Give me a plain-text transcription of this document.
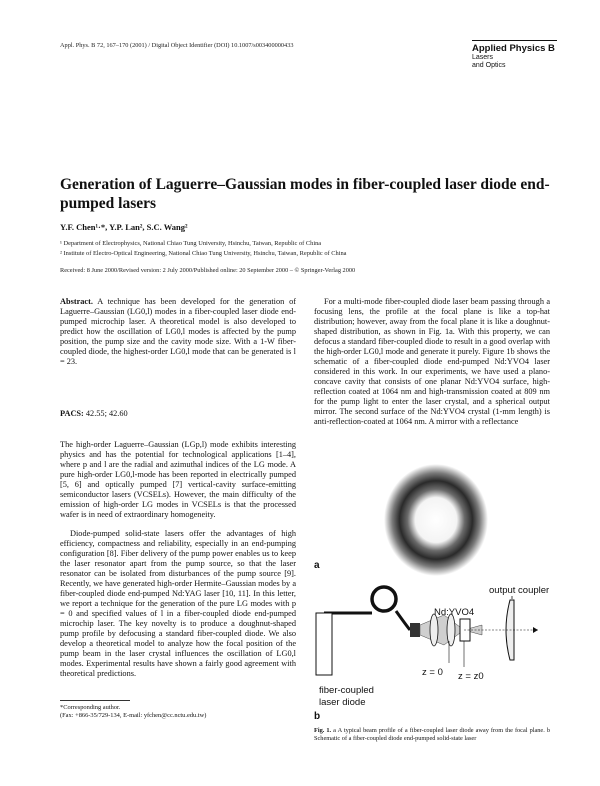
Appl. Phys. B 72, 167–170 (2001) / Digital Object Identifier (DOI) 10.1007/s003400000433	Applied Physics B
Lasers
and Optics
Generation of Laguerre–Gaussian modes in fiber-coupled laser diode end-pumped lasers
Y.F. Chen¹·*, Y.P. Lan², S.C. Wang²
¹ Department of Electrophysics, National Chiao Tung University, Hsinchu, Taiwan, Republic of China
² Institute of Electro-Optical Engineering, National Chiao Tung University, Hsinchu, Taiwan, Republic of China
Received: 8 June 2000/Revised version: 2 July 2000/Published online: 20 September 2000 – © Springer-Verlag 2000
Abstract. A technique has been developed for the generation of Laguerre–Gaussian (LG0,l) modes in a fiber-coupled laser diode end-pumped microchip laser. A theoretical model is also developed to predict how the oscillation of LG0,l modes is affected by the pump position, the pump size and the cavity mode size. With a 1-W fiber-coupled diode, the highest-order LG0,l mode that can be generated is l = 23.
PACS: 42.55; 42.60
The high-order Laguerre–Gaussian (LGp,l) mode exhibits interesting physics and has the potential for technological applications [1–4], where p and l are the radial and azimuthal indices of the LG mode. A pure high-order LG0,l-mode has been reported in electrically pumped [5, 6] and optically pumped [7] vertical-cavity surface-emitting semiconductor lasers (VCSELs). However, the main difficulty of the emission of high-order LG modes in VCSELs is that the processed wafer is in need of extraordinary homogeneity.
Diode-pumped solid-state lasers offer the advantages of high efficiency, compactness and reliability, especially in an end-pumping configuration [8]. Fiber delivery of the pump power enables us to keep the laser resonator apart from the pump source, so that the laser resonator can be isolated from disturbances of the pump source [9]. Recently, we have generated high-order Hermite–Gaussian modes by a fiber-coupled diode end-pumped Nd:YAG laser [10, 11]. In this letter, we report a technique for the generation of the pure LG modes with p = 0 and specified values of l in a fiber-coupled diode end-pumped microchip laser. The key novelty is to produce a doughnut-shaped pump profile by defocusing a standard fiber-coupled diode. We also develop a theoretical model to analyze how the focal position of the pump beam in the laser crystal influences the oscillation of LG0,l modes. Experimental results have shown a fairly good agreement with theoretical predictions.
*Corresponding author.
(Fax: +866-35/729-134, E-mail: yfchen@cc.nctu.edu.tw)
For a multi-mode fiber-coupled diode laser beam passing through a focusing lens, the profile at the focal plane is like a top-hat distribution; however, away from the focal plane it is like a doughnut-shaped distribution, as shown in Fig. 1a. With this property, we can defocus a standard fiber-coupled diode to result in a good overlap with the high-order LG0,l mode and generate it purely. Figure 1b shows the schematic of a fiber-coupled diode end-pumped Nd:YVO4 laser considered in this work. In our experiments, we have used a plano-concave cavity that consists of one planar Nd:YVO4 surface, high-reflection coated at 1064 nm and high-transmission coated at 809 nm for the pump light to enter the laser crystal, and a spherical output mirror. The second surface of the Nd:YVO4 crystal (1-mm length) is anti-reflection-coated at 1064 nm. A mirror with a reflectance
a
output coupler
Nd:YVO4
fiber-coupled
laser diode
z = 0 z = z0
b
Fig. 1. a A typical beam profile of a fiber-coupled laser diode away from the focal plane. b Schematic of a fiber-coupled diode end-pumped solid-state laser
